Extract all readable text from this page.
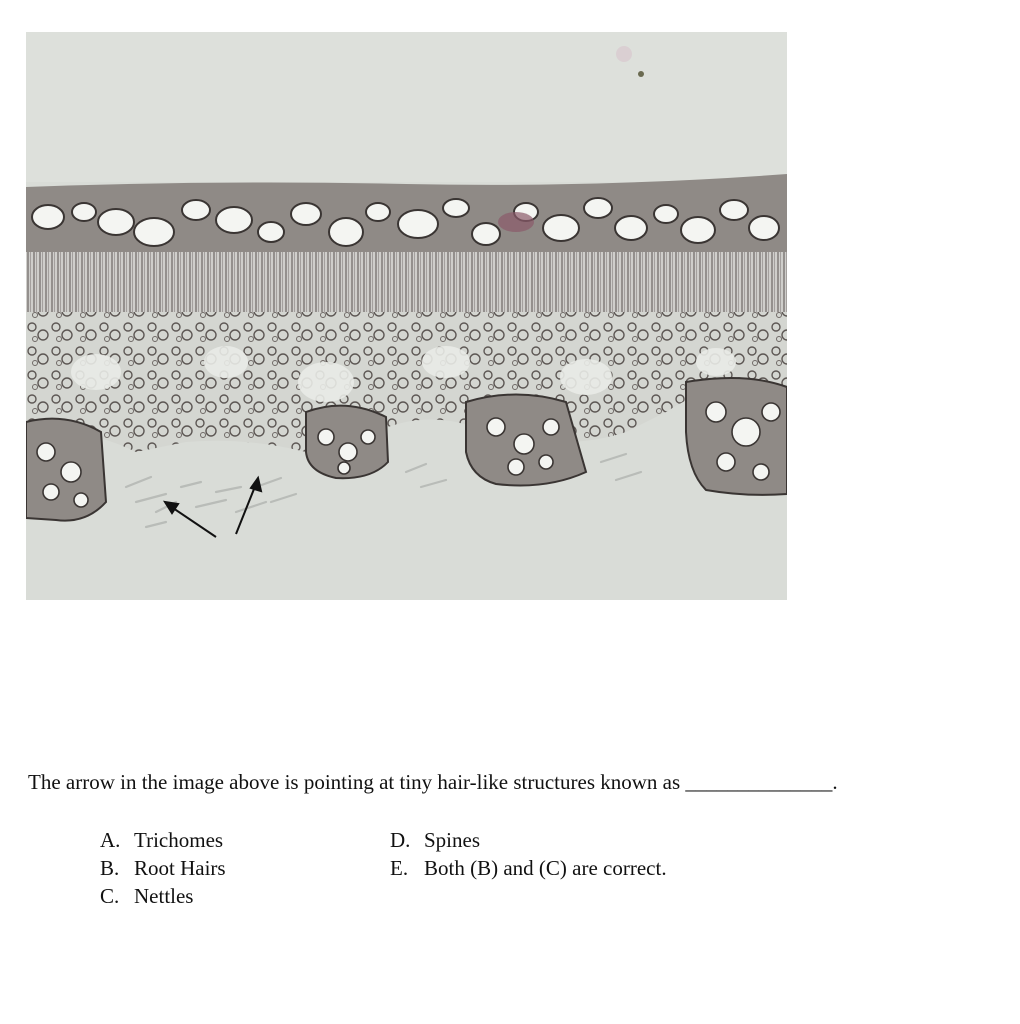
The arrow in the image above is pointing at tiny hair-like structures known as ______________.
A. Trichomes
B. Root Hairs
C. Nettles
D. Spines
E. Both (B) and (C) are correct.
